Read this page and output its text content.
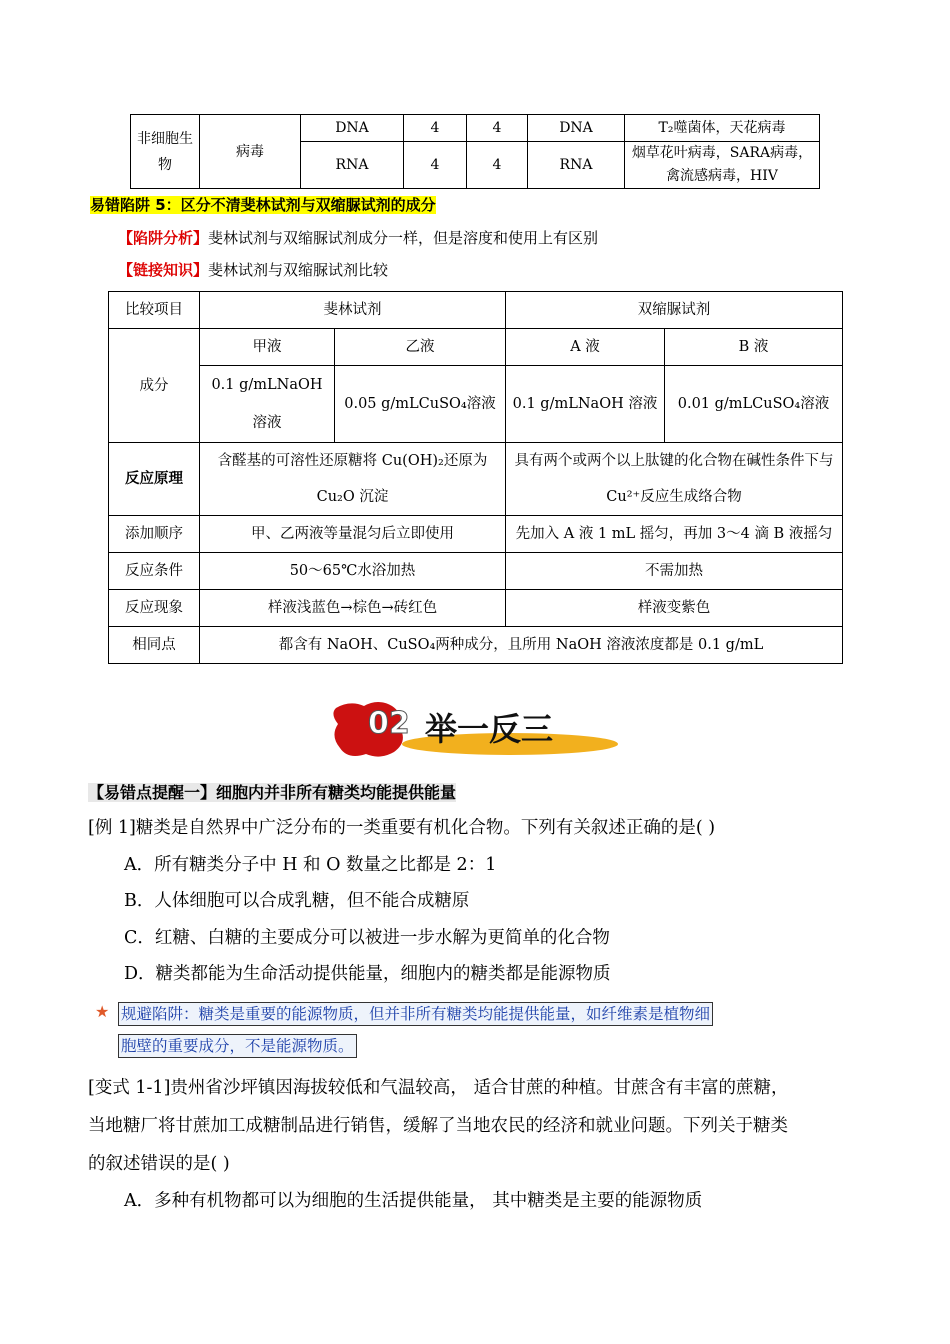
非细胞生物	病毒	DNA	4	4	DNA	T₂噬菌体，天花病毒
		RNA	4	4	RNA	烟草花叶病毒，SARA病毒，禽流感病毒，HIV
易错陷阱 5：区分不清斐林试剂与双缩脲试剂的成分
【陷阱分析】斐林试剂与双缩脲试剂成分一样，但是溶度和使用上有区别
【链接知识】斐林试剂与双缩脲试剂比较
比较项目	斐林试剂		双缩脲试剂	
成分	甲液	乙液	A 液	B 液
	0.1 g/mLNaOH 溶液	0.05 g/mLCuSO₄溶液	0.1 g/mLNaOH 溶液	0.01 g/mLCuSO₄溶液
反应原理	含醛基的可溶性还原糖将 Cu(OH)₂还原为 Cu₂O 沉淀		具有两个或两个以上肽键的化合物在碱性条件下与 Cu²⁺反应生成络合物	
添加顺序	甲、乙两液等量混匀后立即使用		先加入 A 液 1 mL 摇匀，再加 3～4 滴 B 液摇匀	
反应条件	50～65℃水浴加热		不需加热	
反应现象	样液浅蓝色→棕色→砖红色		样液变紫色	
相同点	都含有 NaOH、CuSO₄两种成分，且所用 NaOH 溶液浓度都是 0.1 g/mL			
02 举一反三
【易错点提醒一】细胞内并非所有糖类均能提供能量
[例 1]糖类是自然界中广泛分布的一类重要有机化合物。下列有关叙述正确的是( )
A．所有糖类分子中 H 和 O 数量之比都是 2：1
B．人体细胞可以合成乳糖，但不能合成糖原
C．红糖、白糖的主要成分可以被进一步水解为更简单的化合物
D．糖类都能为生命活动提供能量，细胞内的糖类都是能源物质
★ 规避陷阱：糖类是重要的能源物质，但并非所有糖类均能提供能量，如纤维素是植物细
胞壁的重要成分，不是能源物质。
[变式 1-1]贵州省沙坪镇因海拔较低和气温较高， 适合甘蔗的种植。甘蔗含有丰富的蔗糖，
当地糖厂将甘蔗加工成糖制品进行销售，缓解了当地农民的经济和就业问题。下列关于糖类
的叙述错误的是( )
A．多种有机物都可以为细胞的生活提供能量， 其中糖类是主要的能源物质
